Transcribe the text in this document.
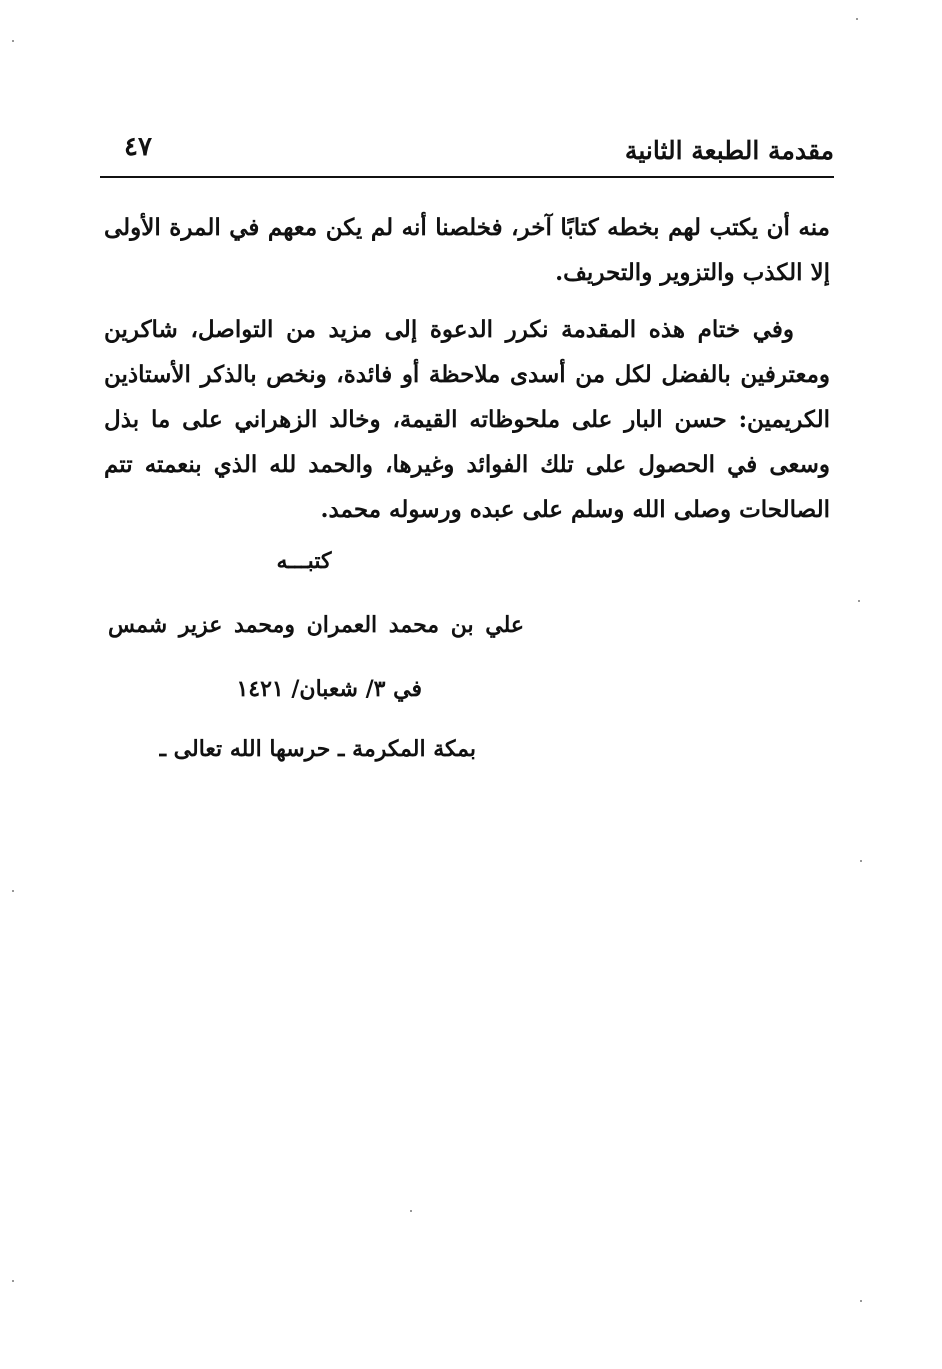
مقدمة الطبعة الثانية
٤٧
منه أن يكتب لهم بخطه كتابًا آخر، فخلصنا أنه لم يكن معهم في المرة الأولى إلا الكذب والتزوير والتحريف.
وفي ختام هذه المقدمة نكرر الدعوة إلى مزيد من التواصل، شاكرين ومعترفين بالفضل لكل من أسدى ملاحظة أو فائدة، ونخص بالذكر الأستاذين الكريمين: حسن البار على ملحوظاته القيمة، وخالد الزهراني على ما بذل وسعى في الحصول على تلك الفوائد وغيرها، والحمد لله الذي بنعمته تتم الصالحات وصلى الله وسلم على عبده ورسوله محمد.
كتبـــه
علي بن محمد العمران ومحمد عزير شمس
في ٣/ شعبان/ ١٤٢١
بمكة المكرمة ـ حرسها الله تعالى ـ
